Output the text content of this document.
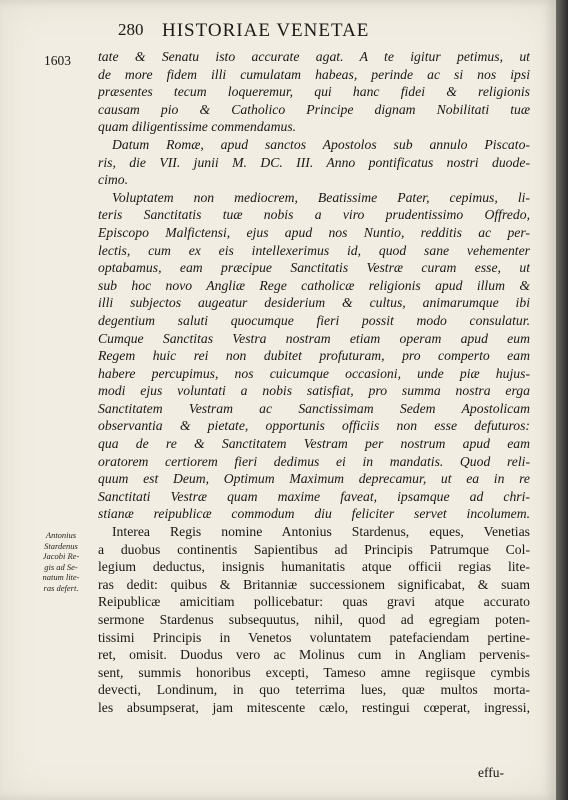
280 HISTORIAE VENETAE
1603 tate & Senatu isto accurate agat. A te igitur petimus, ut
de more fidem illi cumulatam habeas, perinde ac si nos ipsi
præsentes tecum loqueremur, qui hanc fidei & religionis
causam pio & Catholico Principe dignam Nobilitati tuæ
quam diligentissime commendamus.
Datum Romæ, apud sanctos Apostolos sub annulo Piscato-
ris, die VII. junii M. DC. III. Anno pontificatus nostri duode-
cimo.
Voluptatem non mediocrem, Beatissime Pater, cepimus, li-
teris Sanctitatis tuæ nobis a viro prudentissimo Offredo,
Episcopo Malfictensi, ejus apud nos Nuntio, redditis ac per-
lectis, cum ex eis intellexerimus id, quod sane vehementer
optabamus, eam præcipue Sanctitatis Vestræ curam esse, ut
sub hoc novo Angliæ Rege catholicæ religionis apud illum &
illi subjectos augeatur desiderium & cultus, animarumque ibi
degentium saluti quocumque fieri possit modo consulatur.
Cumque Sanctitas Vestra nostram etiam operam apud eum
Regem huic rei non dubitet profuturam, pro comperto eam
habere percupimus, nos cuicumque occasioni, unde piæ hujus-
modi ejus voluntati a nobis satisfiat, pro summa nostra erga
Sanctitatem Vestram ac Sanctissimam Sedem Apostolicam
observantia & pietate, opportunis officiis non esse defuturos:
qua de re & Sanctitatem Vestram per nostrum apud eam
oratorem certiorem fieri dedimus ei in mandatis. Quod reli-
quum est Deum, Optimum Maximum deprecamur, ut ea in re
Sanctitati Vestræ quam maxime faveat, ipsamque ad chri-
stianæ reipublicæ commodum diu feliciter servet incolumem.
Interea Regis nomine Antonius Stardenus, eques, Venetias
a duobus continentis Sapientibus ad Principis Patrumque Col-
legium deductus, insignis humanitatis atque officii regias lite-
ras dedit: quibus & Britanniæ successionem significabat, & suam
Reipublicæ amicitiam pollicebatur: quas gravi atque accurato
sermone Stardenus subsequutus, nihil, quod ad egregiam poten-
tissimi Principis in Venetos voluntatem patefaciendam pertine-
ret, omisit. Duodus vero ac Molinus cum in Angliam pervenis-
sent, summis honoribus excepti, Tameso amne regiisque cymbis
devecti, Londinum, in quo teterrima lues, quæ multos morta-
les absumpserat, jam mitescente cælo, restingui cœperat, ingressi,
Antonius
Stardenus
Jacobi Re-
gis ad Se-
natum lite-
ras defert.
effu-
